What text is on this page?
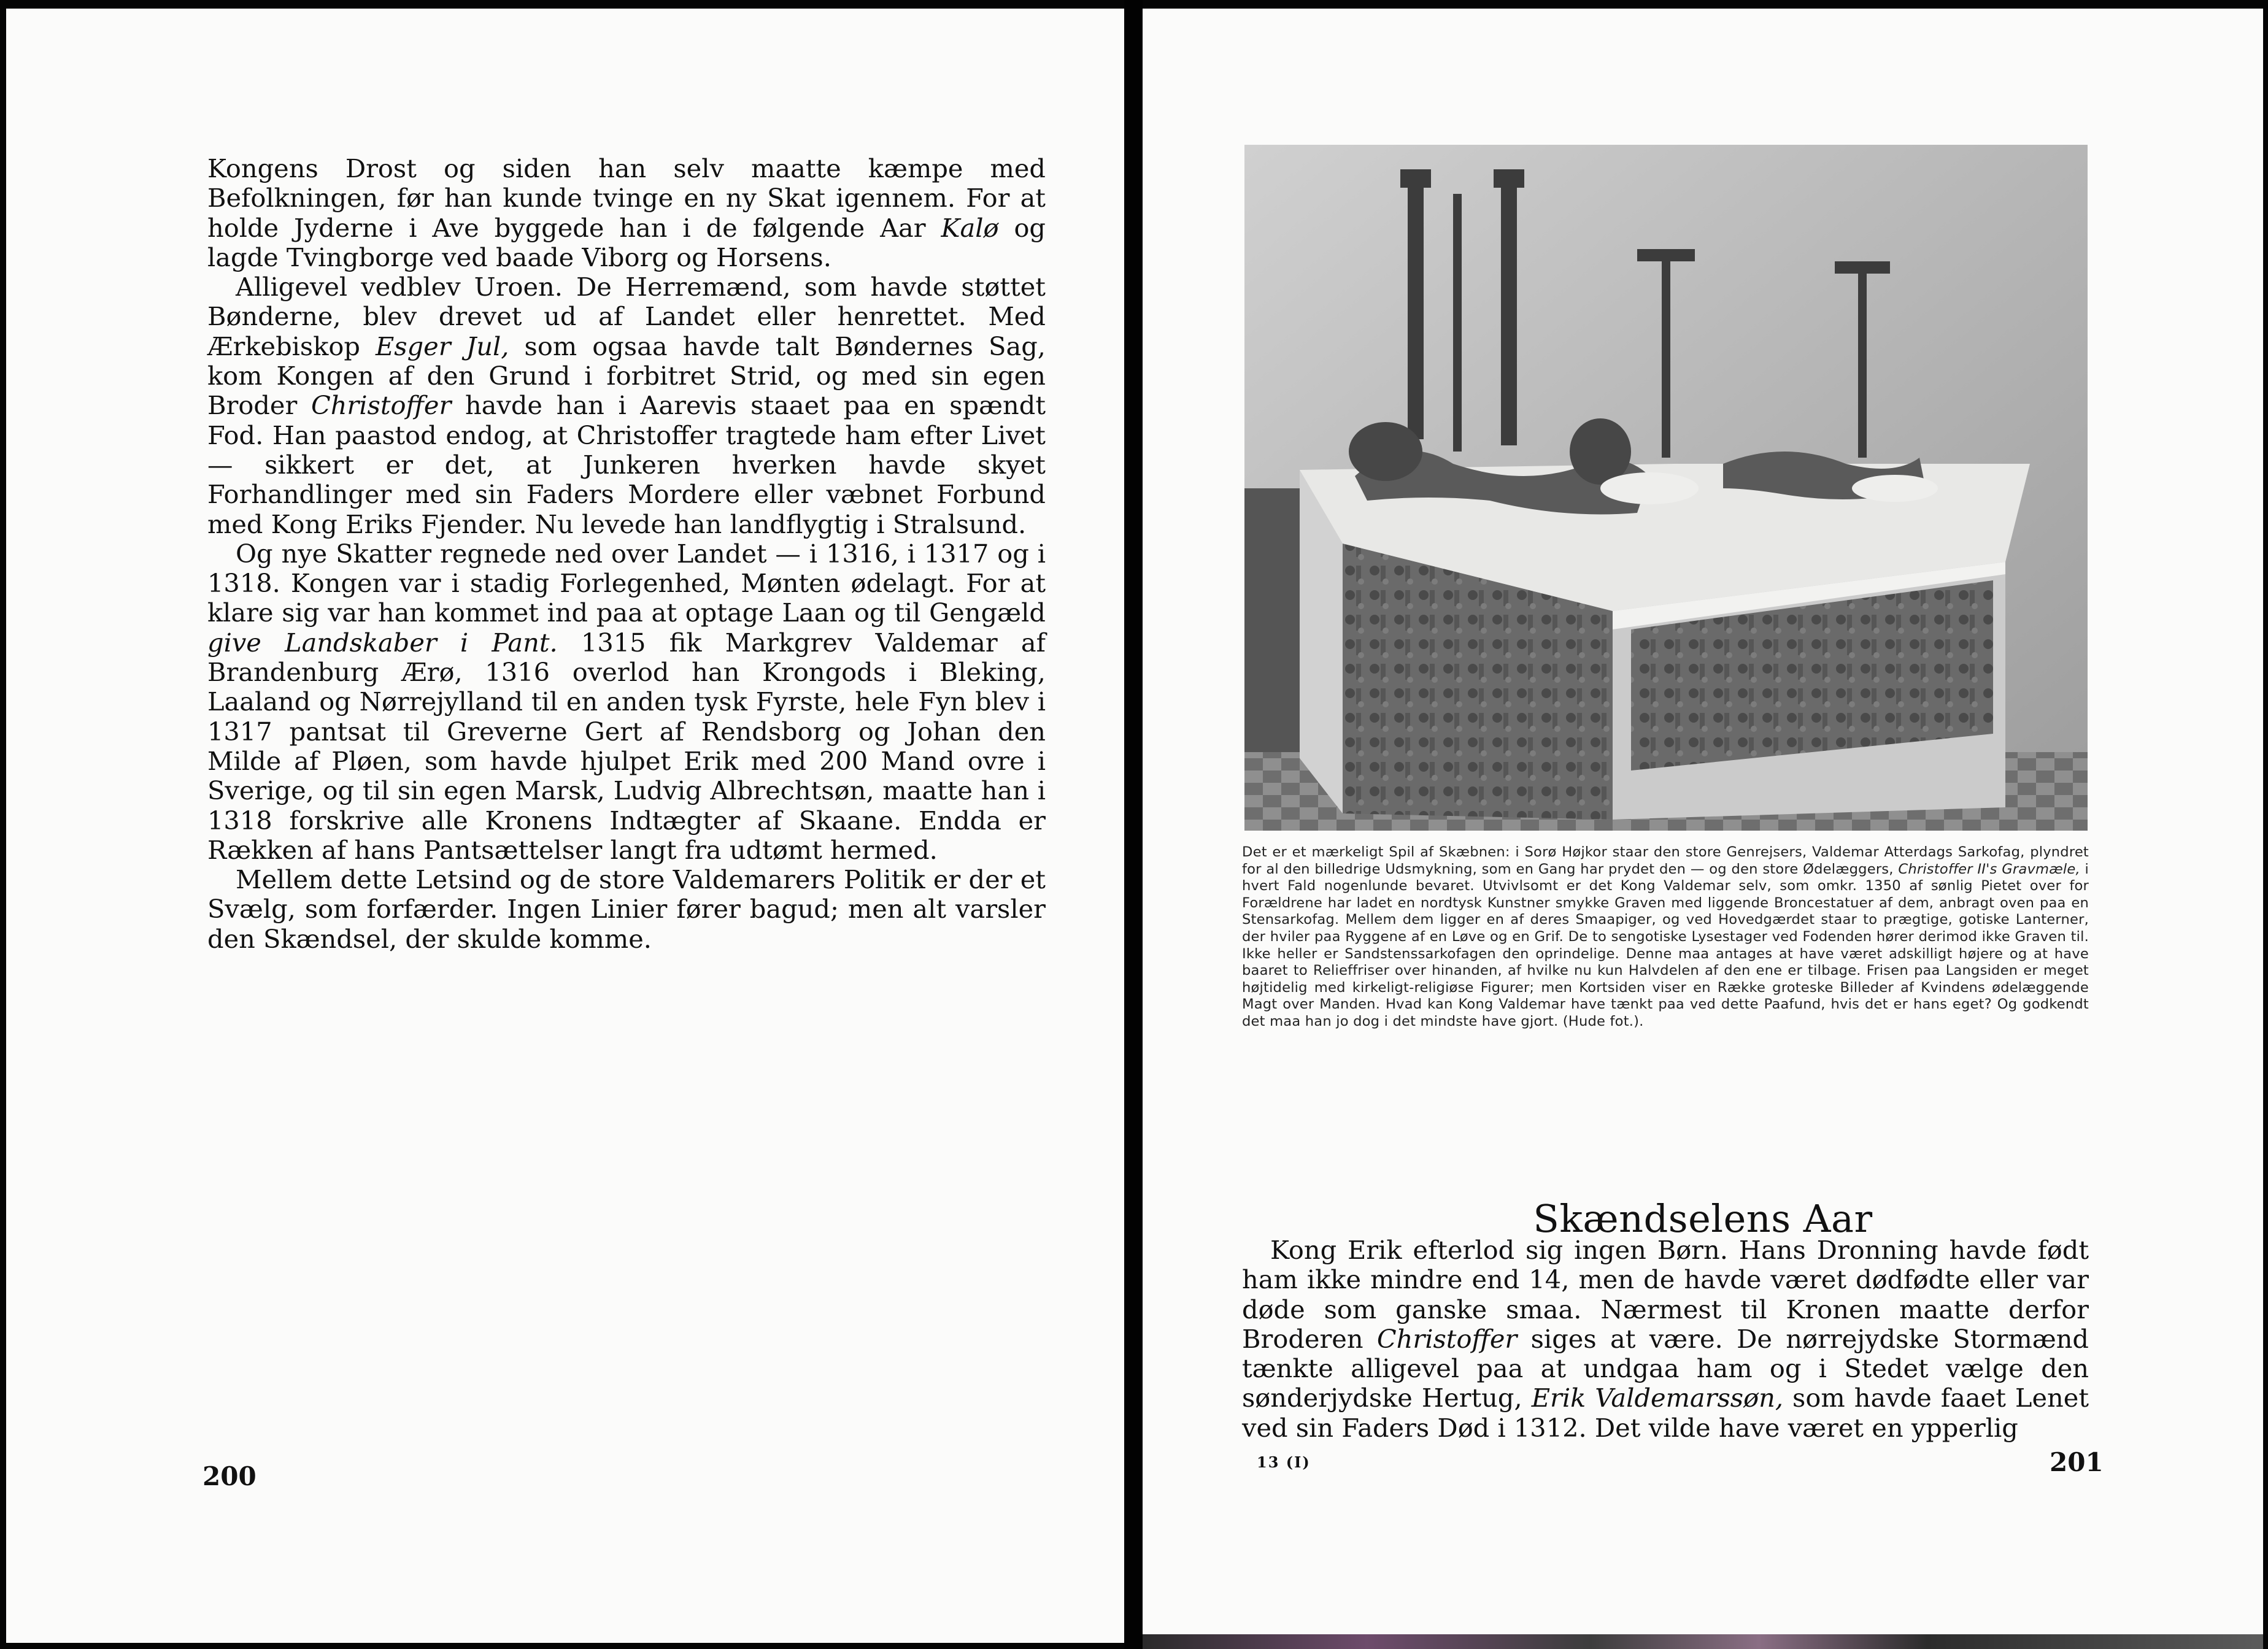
Kongens Drost og siden han selv maatte kæmpe med Befolkningen, før han kunde tvinge en ny Skat igennem. For at holde Jyderne i Ave byggede han i de følgende Aar Kalø og lagde Tvingborge ved baade Viborg og Horsens.

Alligevel vedblev Uroen. De Herremænd, som havde støttet Bønderne, blev drevet ud af Landet eller henrettet. Med Ærkebiskop Esger Jul, som ogsaa havde talt Bøndernes Sag, kom Kongen af den Grund i forbitret Strid, og med sin egen Broder Christoffer havde han i Aarevis staaet paa en spændt Fod. Han paastod endog, at Christoffer tragtede ham efter Livet — sikkert er det, at Junkeren hverken havde skyet Forhandlinger med sin Faders Mordere eller væbnet Forbund med Kong Eriks Fjender. Nu levede han landflygtig i Stralsund.

Og nye Skatter regnede ned over Landet — i 1316, i 1317 og i 1318. Kongen var i stadig Forlegenhed, Mønten ødelagt. For at klare sig var han kommet ind paa at optage Laan og til Gengæld give Landskaber i Pant. 1315 fik Markgrev Valdemar af Brandenburg Ærø, 1316 overlod han Krongods i Bleking, Laaland og Nørrejylland til en anden tysk Fyrste, hele Fyn blev i 1317 pantsat til Greverne Gert af Rendsborg og Johan den Milde af Pløen, som havde hjulpet Erik med 200 Mand ovre i Sverige, og til sin egen Marsk, Ludvig Albrechtsøn, maatte han i 1318 forskrive alle Kronens Indtægter af Skaane. Endda er Rækken af hans Pantsættelser langt fra udtømt hermed.

Mellem dette Letsind og de store Valdemarers Politik er der et Svælg, som forfærder. Ingen Linier fører bagud; men alt varsler den Skændsel, der skulde komme.

200
Det er et mærkeligt Spil af Skæbnen: i Sorø Højkor staar den store Genrejsers, Valdemar Atterdags Sarkofag, plyndret for al den billedrige Udsmykning, som en Gang har prydet den — og den store Ødelæggers, Christoffer II's Gravmæle, i hvert Fald nogenlunde bevaret. Utvivlsomt er det Kong Valdemar selv, som omkr. 1350 af sønlig Pietet over for Forældrene har ladet en nordtysk Kunstner smykke Graven med liggende Broncestatuer af dem, anbragt oven paa en Stensarkofag. Mellem dem ligger en af deres Smaapiger, og ved Hovedgærdet staar to prægtige, gotiske Lanterner, der hviler paa Ryggene af en Løve og en Grif. De to sengotiske Lysestager ved Fodenden hører derimod ikke Graven til. Ikke heller er Sandstenssarkofagen den oprindelige. Denne maa antages at have været adskilligt højere og at have baaret to Relieffriser over hinanden, af hvilke nu kun Halvdelen af den ene er tilbage. Frisen paa Langsiden er meget højtidelig med kirkeligt-religiøse Figurer; men Kortsiden viser en Række groteske Billeder af Kvindens ødelæggende Magt over Manden. Hvad kan Kong Valdemar have tænkt paa ved dette Paafund, hvis det er hans eget? Og godkendt det maa han jo dog i det mindste have gjort. (Hude fot.).
Skændselens Aar

Kong Erik efterlod sig ingen Børn. Hans Dronning havde født ham ikke mindre end 14, men de havde været dødfødte eller var døde som ganske smaa. Nærmest til Kronen maatte derfor Broderen Christoffer siges at være. De nørrejydske Stormænd tænkte alligevel paa at undgaa ham og i Stedet vælge den sønderjydske Hertug, Erik Valdemarssøn, som havde faaet Lenet ved sin Faders Død i 1312. Det vilde have været en ypperlig

13 (I)	201
